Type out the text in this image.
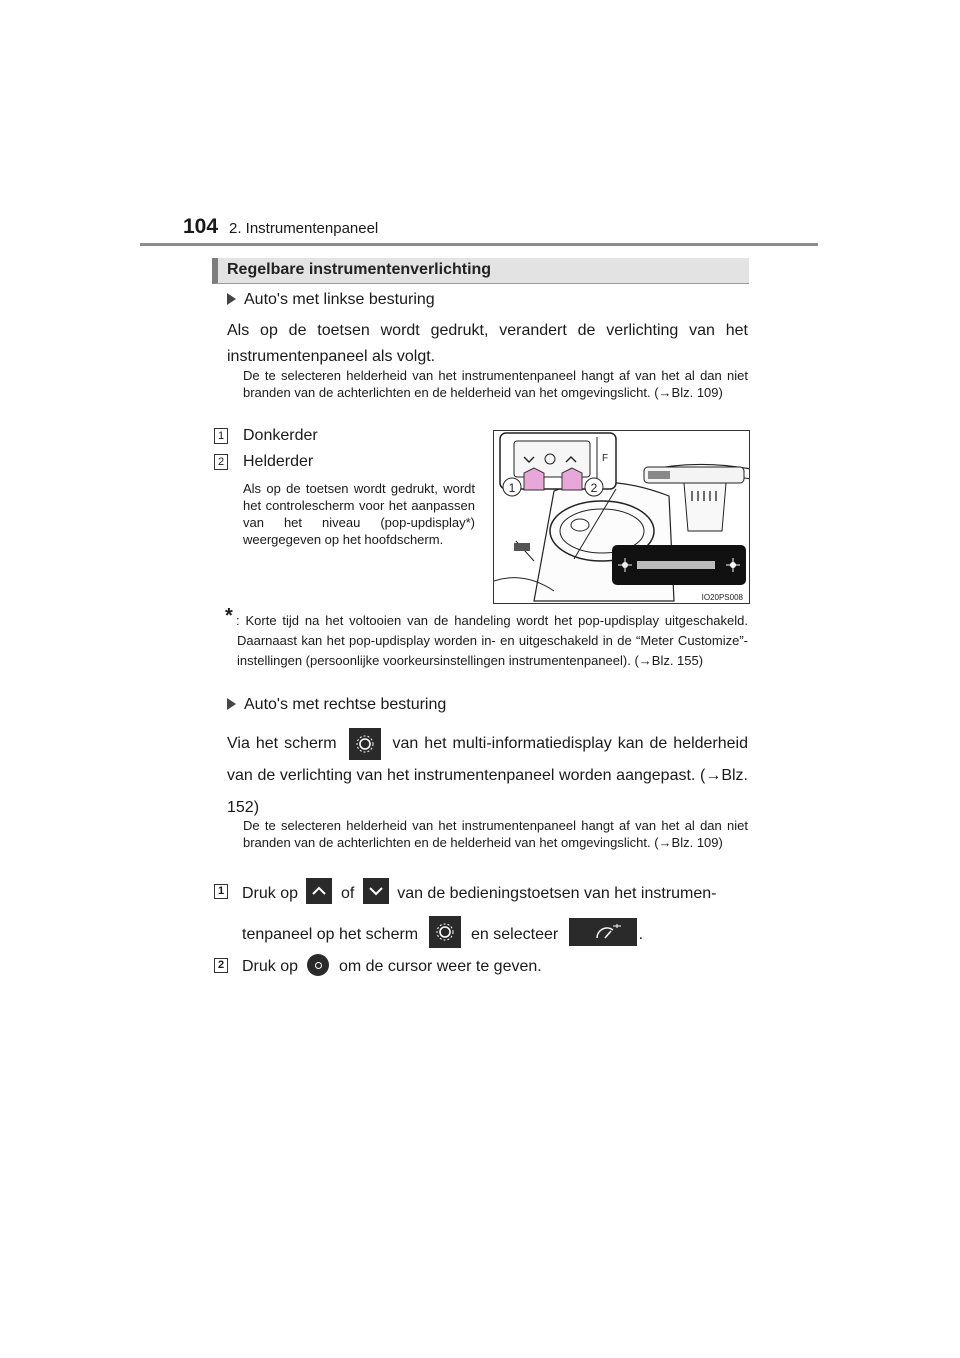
104 2. Instrumentenpaneel
Regelbare instrumentenverlichting
Auto's met linkse besturing
Als op de toetsen wordt gedrukt, verandert de verlichting van het instrumentenpaneel als volgt.
De te selecteren helderheid van het instrumentenpaneel hangt af van het al dan niet branden van de achterlichten en de helderheid van het omgevingslicht. (→Blz. 109)
1 Donkerder
2 Helderder
Als op de toetsen wordt gedrukt, wordt het controlescherm voor het aanpassen van het niveau (pop-updisplay*) weergegeven op het hoofdscherm.
F
1	2
IO20PS008
* : Korte tijd na het voltooien van de handeling wordt het pop-updisplay uitgeschakeld. Daarnaast kan het pop-updisplay worden in- en uitgeschakeld in de “Meter Customize”-instellingen (persoonlijke voorkeursinstellingen instrumentenpaneel). (→Blz. 155)
Auto's met rechtse besturing
Via het scherm	van het multi-informatiedisplay kan de helderheid van de verlichting van het instrumentenpaneel worden aangepast. (→Blz. 152)
De te selecteren helderheid van het instrumentenpaneel hangt af van het al dan niet branden van de achterlichten en de helderheid van het omgevingslicht. (→Blz. 109)
1 Druk op	of	van de bedieningstoetsen van het instrumen-
tenpaneel op het scherm	en selecteer	.
2 Druk op	om de cursor weer te geven.
